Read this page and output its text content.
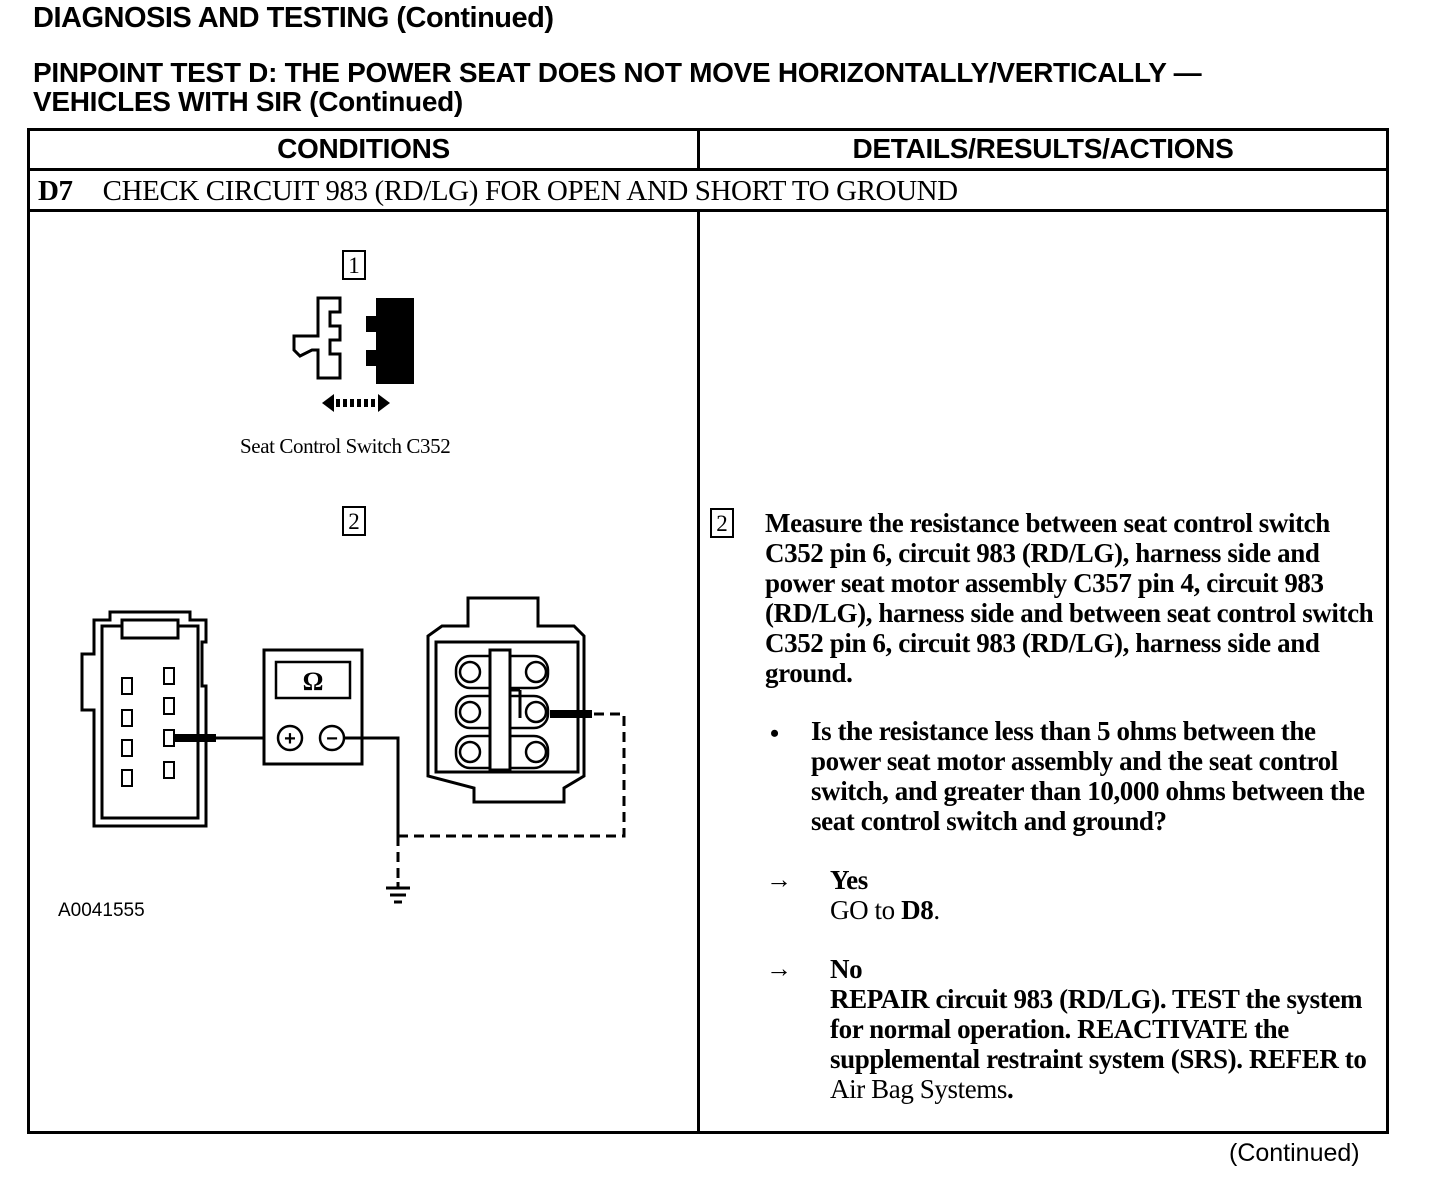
DIAGNOSIS AND TESTING (Continued)
PINPOINT TEST D: THE POWER SEAT DOES NOT MOVE HORIZONTALLY/VERTICALLY —
VEHICLES WITH SIR (Continued)
CONDITIONS	DETAILS/RESULTS/ACTIONS
D7 CHECK CIRCUIT 983 (RD/LG) FOR OPEN AND SHORT TO GROUND
1
Seat Control Switch C352
2
Ω
+ −
A0041555
2 Measure the resistance between seat control switch C352 pin 6, circuit 983 (RD/LG), harness side and power seat motor assembly C357 pin 4, circuit 983 (RD/LG), harness side and between seat control switch C352 pin 6, circuit 983 (RD/LG), harness side and ground.
• Is the resistance less than 5 ohms between the power seat motor assembly and the seat control switch, and greater than 10,000 ohms between the seat control switch and ground?
→ Yes
GO to D8.
→ No
REPAIR circuit 983 (RD/LG). TEST the system for normal operation. REACTIVATE the supplemental restraint system (SRS). REFER to Air Bag Systems.
(Continued)
